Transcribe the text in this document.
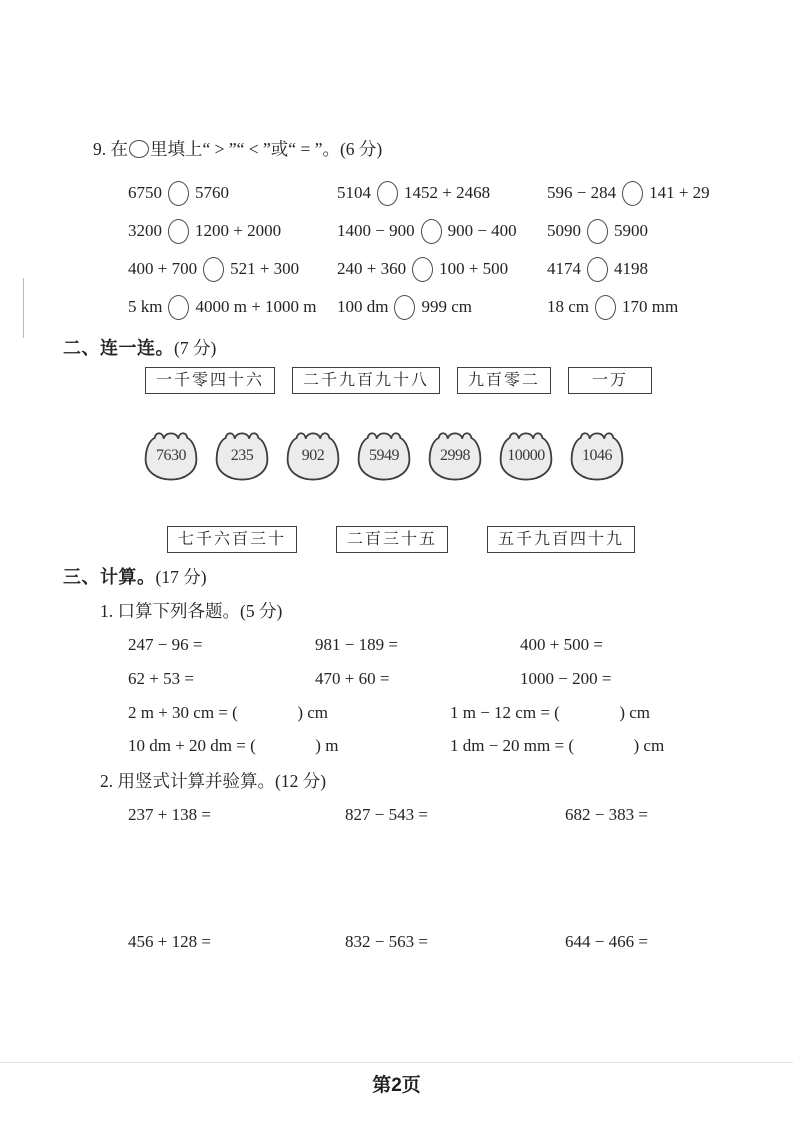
9. 在 里填上“ > ”“ < ”或“ = ”。(6 分)
6750 5760	5104 1452 + 2468	596 − 284 141 + 29
3200 1200 + 2000	1400 − 900 900 − 400	5090 5900
400 + 700 521 + 300	240 + 360 100 + 500	4174 4198
5 km 4000 m + 1000 m	100 dm 999 cm	18 cm 170 mm
二、连一连。(7 分)
一千零四十六	二千九百九十八	九百零二	一万
7630	235	902	5949	2998	10000	1046
七千六百三十	二百三十五	五千九百四十九
三、计算。(17 分)
1. 口算下列各题。(5 分)
247 − 96 =	981 − 189 =	400 + 500 =
62 + 53 =	470 + 60 =	1000 − 200 =
2 m + 30 cm = (              ) cm	1 m − 12 cm = (              ) cm
10 dm + 20 dm = (              ) m	1 dm − 20 mm = (              ) cm
2. 用竖式计算并验算。(12 分)
237 + 138 =	827 − 543 =	682 − 383 =
456 + 128 =	832 − 563 =	644 − 466 =
第2页
